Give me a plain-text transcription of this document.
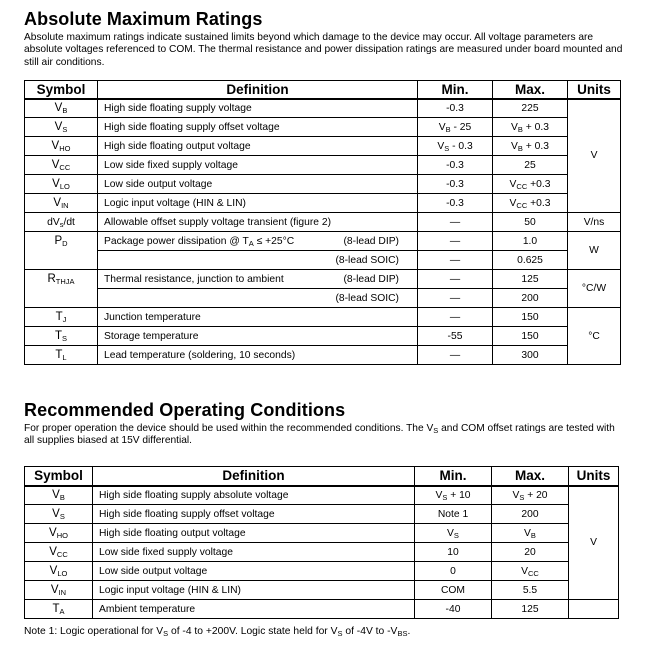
Absolute Maximum Ratings

Absolute maximum ratings indicate sustained limits beyond which damage to the device may occur. All voltage parameters are absolute voltages referenced to COM. The thermal resistance and power dissipation ratings are measured under board mounted and still air conditions.

Symbol	Definition	Min.	Max.	Units
$V_B$	High side floating supply voltage	-0.3	225	V
$V_S$	High side floating supply offset voltage	$V_B - 25$	$V_B + 0.3$	
$V_{HO}$	High side floating output voltage	$V_S - 0.3$	$V_B + 0.3$	
$V_{CC}$	Low side fixed supply voltage	-0.3	25	
$V_{LO}$	Low side output voltage	-0.3	$V_{CC} +0.3$	
$V_{IN}$	Logic input voltage (HIN & LIN)	-0.3	$V_{CC} +0.3$	
$dV_s/dt$	Allowable offset supply voltage transient (figure 2)	—	50	V/ns
$P_D$	Package power dissipation @ $T_A \le +25^\circ C$ (8-lead DIP)	—	1.0	W

	(8-lead SOIC)	—	0.625	
$R_{THJA}$	Thermal resistance, junction to ambient (8-lead DIP)	—	125	°C/W

	(8-lead SOIC)	—	200	
$T_J$	Junction temperature	—	150	°C
$T_S$	Storage temperature	-55	150	
$T_L$	Lead temperature (soldering, 10 seconds)	—	300	
Recommended Operating Conditions

For proper operation the device should be used within the recommended conditions. The $V_S$ and COM offset ratings are tested with all supplies biased at 15V differential.

Symbol	Definition	Min.	Max.	Units
$V_B$	High side floating supply absolute voltage	$V_S + 10$	$V_S + 20$	V
$V_S$	High side floating supply offset voltage	Note 1	200	
$V_{HO}$	High side floating output voltage	$V_S$	$V_B$
$V_{CC}$	Low side fixed supply voltage	10	20	
$V_{LO}$	Low side output voltage	0	$V_{CC}$
$V_{IN}$	Logic input voltage (HIN & LIN)	COM	5.5	
$T_A$	Ambient temperature	-40	125	

Note 1: Logic operational for $V_S$ of -4 to +200V. Logic state held for $V_S$ of -4V to $-V_{BS}$.
